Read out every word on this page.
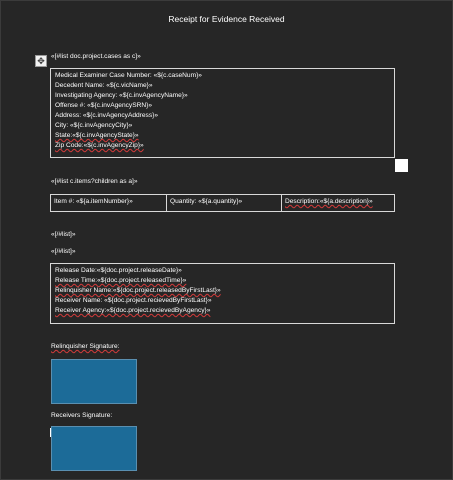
Receipt for Evidence Received
✥ «[#list doc.project.cases as c]»
Medical Examiner Case Number: «${c.caseNum}»
Decedent Name: «${c.vicName}»
Investigating Agency: «${c.invAgencyName}»
Offense #: «${c.invAgencySRN}»
Address: «${c.invAgencyAddress}»
City: «${c.invAgencyCity}»
State:«${c.invAgencyState}»
Zip Code:«${c.invAgencyZip}»
«[#list c.items?children as a]»
Item #: «${a.itemNumber}»	Quantity: «${a.quantity}»	Description:«${a.description}»
«[/#list]»
«[/#list]»
Release Date:«${doc.project.releaseDate}»
Release Time:«${doc.project.releasedTime}»
Relinquisher Name:«${doc.project.releasedByFirstLast}»
Receiver Name: «${doc.project.recievedByFirstLast}»
Receiver Agency:«${doc.project.recievedByAgency}»
Relinquisher Signature:
Receivers Signature:
